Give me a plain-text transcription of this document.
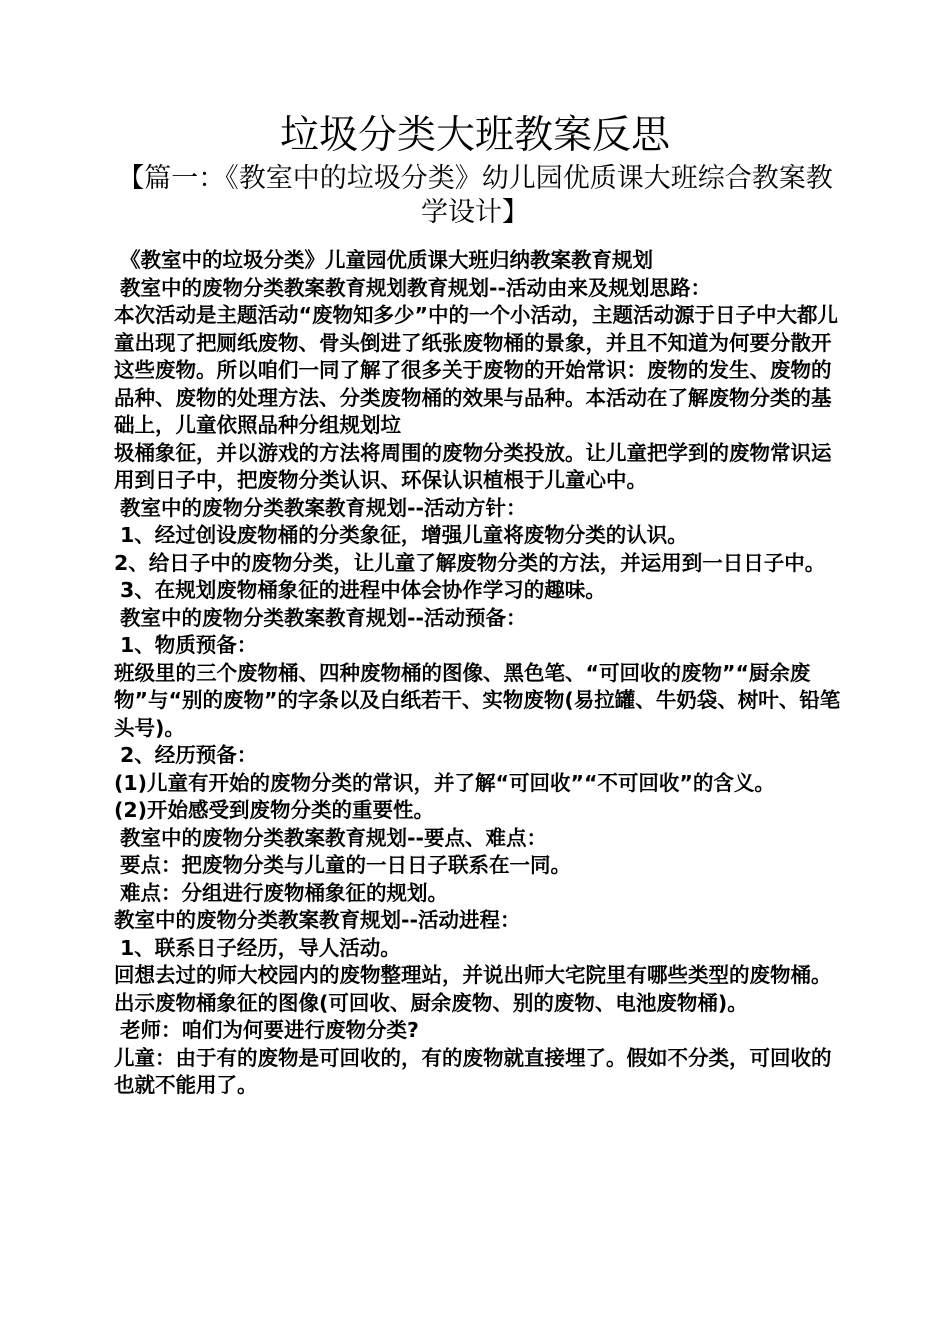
垃圾分类大班教案反思
【篇一：《教室中的垃圾分类》幼儿园优质课大班综合教案教学设计】

《教室中的垃圾分类》儿童园优质课大班归纳教案教育规划

教室中的废物分类教案教育规划教育规划--活动由来及规划思路：

本次活动是主题活动“废物知多少”中的一个小活动，主题活动源于日子中大都儿童出现了把厕纸废物、骨头倒进了纸张废物桶的景象，并且不知道为何要分散开这些废物。所以咱们一同了解了很多关于废物的开始常识：废物的发生、废物的品种、废物的处理方法、分类废物桶的效果与品种。本活动在了解废物分类的基础上，儿童依照品种分组规划垃

圾桶象征，并以游戏的方法将周围的废物分类投放。让儿童把学到的废物常识运用到日子中，把废物分类认识、环保认识植根于儿童心中。

教室中的废物分类教案教育规划--活动方针：

1、经过创设废物桶的分类象征，增强儿童将废物分类的认识。

2、给日子中的废物分类，让儿童了解废物分类的方法，并运用到一日日子中。

3、在规划废物桶象征的进程中体会协作学习的趣味。

教室中的废物分类教案教育规划--活动预备：

1、物质预备：

班级里的三个废物桶、四种废物桶的图像、黑色笔、“可回收的废物”“厨余废物”与“别的废物”的字条以及白纸若干、实物废物(易拉罐、牛奶袋、树叶、铅笔头号)。

2、经历预备：

(1)儿童有开始的废物分类的常识，并了解“可回收”“不可回收”的含义。

(2)开始感受到废物分类的重要性。

教室中的废物分类教案教育规划--要点、难点：

要点：把废物分类与儿童的一日日子联系在一同。

难点：分组进行废物桶象征的规划。

教室中的废物分类教案教育规划--活动进程：

1、联系日子经历，导人活动。

回想去过的师大校园内的废物整理站，并说出师大宅院里有哪些类型的废物桶。出示废物桶象征的图像(可回收、厨余废物、别的废物、电池废物桶)。

老师：咱们为何要进行废物分类?

儿童：由于有的废物是可回收的，有的废物就直接埋了。假如不分类，可回收的也就不能用了。
